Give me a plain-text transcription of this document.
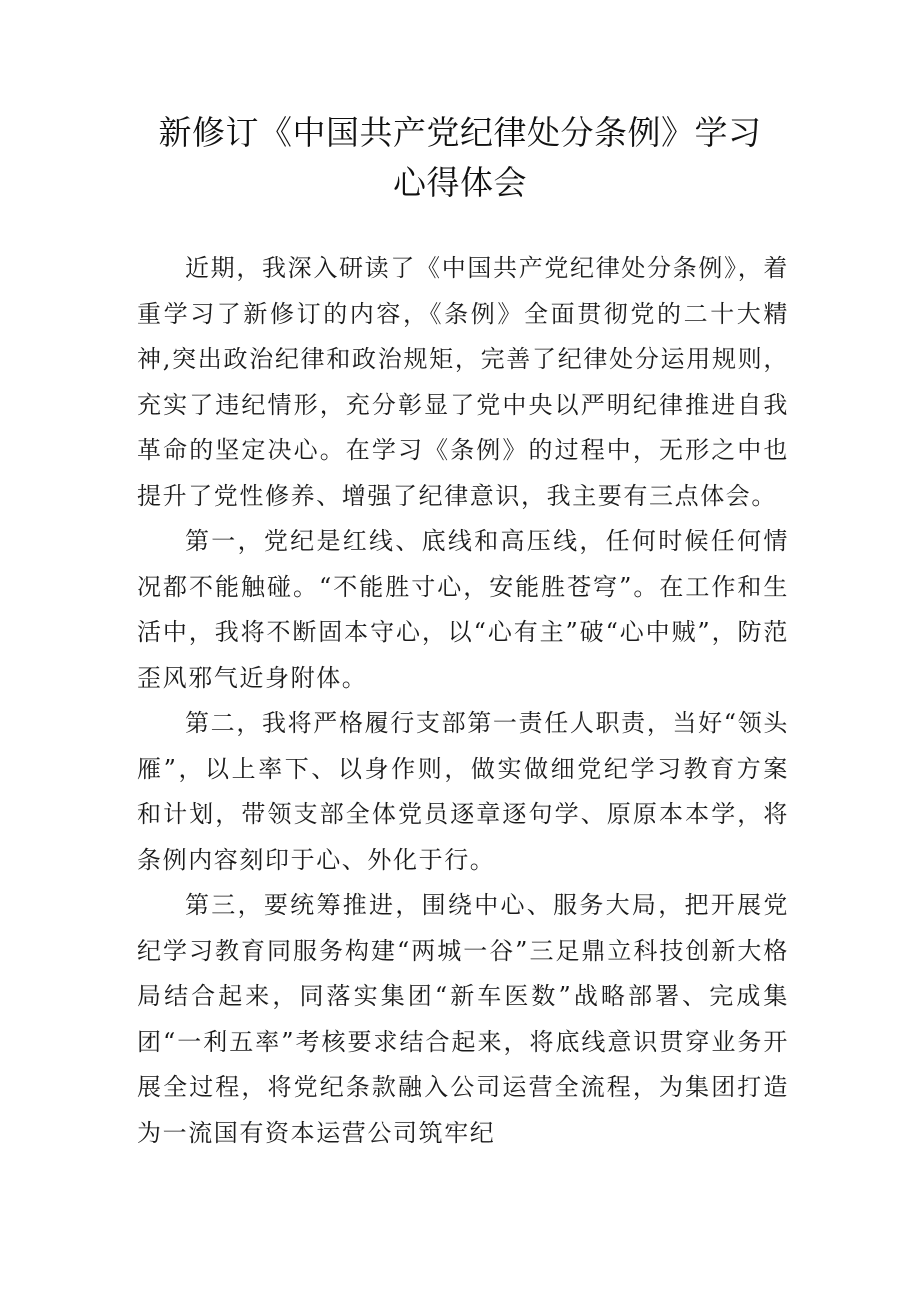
新修订《中国共产党纪律处分条例》学习
心得体会

近期，我深入研读了《中国共产党纪律处分条例》，着重学习了新修订的内容，《条例》全面贯彻党的二十大精神,突出政治纪律和政治规矩，完善了纪律处分运用规则，充实了违纪情形，充分彰显了党中央以严明纪律推进自我革命的坚定决心。在学习《条例》的过程中，无形之中也提升了党性修养、增强了纪律意识，我主要有三点体会。

第一，党纪是红线、底线和高压线，任何时候任何情况都不能触碰。“不能胜寸心，安能胜苍穹”。在工作和生活中，我将不断固本守心，以“心有主”破“心中贼”，防范歪风邪气近身附体。

第二，我将严格履行支部第一责任人职责，当好“领头雁”，以上率下、以身作则，做实做细党纪学习教育方案和计划，带领支部全体党员逐章逐句学、原原本本学，将条例内容刻印于心、外化于行。

第三，要统筹推进，围绕中心、服务大局，把开展党纪学习教育同服务构建“两城一谷”三足鼎立科技创新大格局结合起来，同落实集团“新车医数”战略部署、完成集团“一利五率”考核要求结合起来，将底线意识贯穿业务开展全过程，将党纪条款融入公司运营全流程，为集团打造为一流国有资本运营公司筑牢纪
